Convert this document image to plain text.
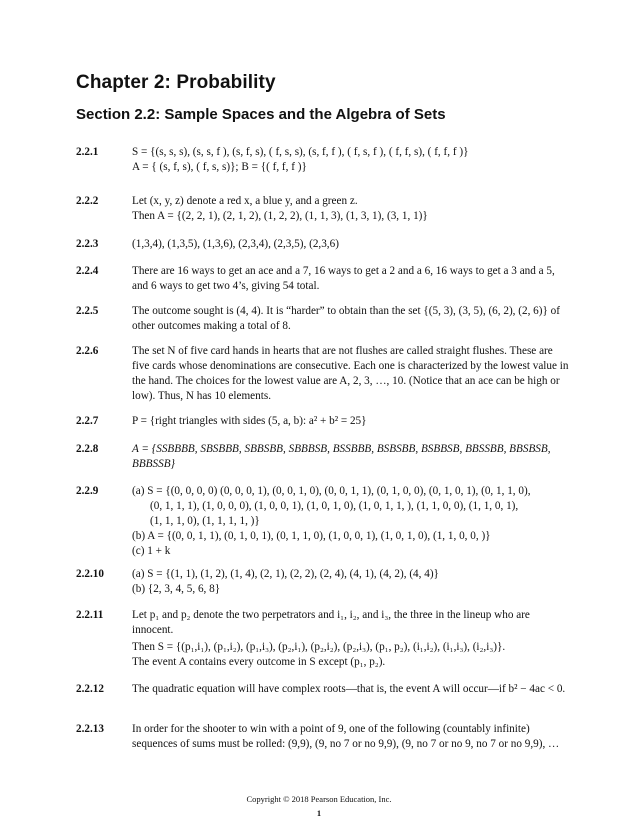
Chapter 2: Probability
Section 2.2: Sample Spaces and the Algebra of Sets
2.2.1	S = {(s, s, s), (s, s, f ), (s, f, s), ( f, s, s), (s, f, f ), ( f, s, f ), ( f, f, s), ( f, f, f )}
A = { (s, f, s), ( f, s, s)}; B = {( f, f, f )}
2.2.2	Let (x, y, z) denote a red x, a blue y, and a green z.
Then A = {(2, 2, 1), (2, 1, 2), (1, 2, 2), (1, 1, 3), (1, 3, 1), (3, 1, 1)}
2.2.3	(1,3,4), (1,3,5), (1,3,6), (2,3,4), (2,3,5), (2,3,6)
2.2.4	There are 16 ways to get an ace and a 7, 16 ways to get a 2 and a 6, 16 ways to get a 3 and a 5, and 6 ways to get two 4’s, giving 54 total.
2.2.5	The outcome sought is (4, 4). It is “harder” to obtain than the set {(5, 3), (3, 5), (6, 2), (2, 6)} of other outcomes making a total of 8.
2.2.6	The set N of five card hands in hearts that are not flushes are called straight flushes. These are five cards whose denominations are consecutive. Each one is characterized by the lowest value in the hand. The choices for the lowest value are A, 2, 3, …, 10. (Notice that an ace can be high or low). Thus, N has 10 elements.
2.2.7	P = {right triangles with sides (5, a, b): a² + b² = 25}
2.2.8	A = {SSBBBB, SBSBBB, SBBSBB, SBBBSB, BSSBBB, BSBSBB, BSBBSB, BBSSBB, BBSBSB, BBBSSB}
2.2.9	(a) S = {(0, 0, 0, 0) (0, 0, 0, 1), (0, 0, 1, 0), (0, 0, 1, 1), (0, 1, 0, 0), (0, 1, 0, 1), (0, 1, 1, 0),
(0, 1, 1, 1), (1, 0, 0, 0), (1, 0, 0, 1), (1, 0, 1, 0), (1, 0, 1, 1, ), (1, 1, 0, 0), (1, 1, 0, 1),
(1, 1, 1, 0), (1, 1, 1, 1, )}
(b) A = {(0, 0, 1, 1), (0, 1, 0, 1), (0, 1, 1, 0), (1, 0, 0, 1), (1, 0, 1, 0), (1, 1, 0, 0, )}
(c) 1 + k
2.2.10	(a) S = {(1, 1), (1, 2), (1, 4), (2, 1), (2, 2), (2, 4), (4, 1), (4, 2), (4, 4)}
(b) {2, 3, 4, 5, 6, 8}
2.2.11	Let p₁ and p₂ denote the two perpetrators and i₁, i₂, and i₃, the three in the lineup who are innocent.
Then S = {(p₁,i₁), (p₁,i₂), (p₁,i₃), (p₂,i₁), (p₂,i₂), (p₂,i₃), (p₁, p₂), (i₁,i₂), (i₁,i₃), (i₂,i₃)}.
The event A contains every outcome in S except (p₁, p₂).
2.2.12	The quadratic equation will have complex roots—that is, the event A will occur—if b² − 4ac < 0.
2.2.13	In order for the shooter to win with a point of 9, one of the following (countably infinite) sequences of sums must be rolled: (9,9), (9, no 7 or no 9,9), (9, no 7 or no 9, no 7 or no 9,9), …
Copyright © 2018 Pearson Education, Inc.
1
